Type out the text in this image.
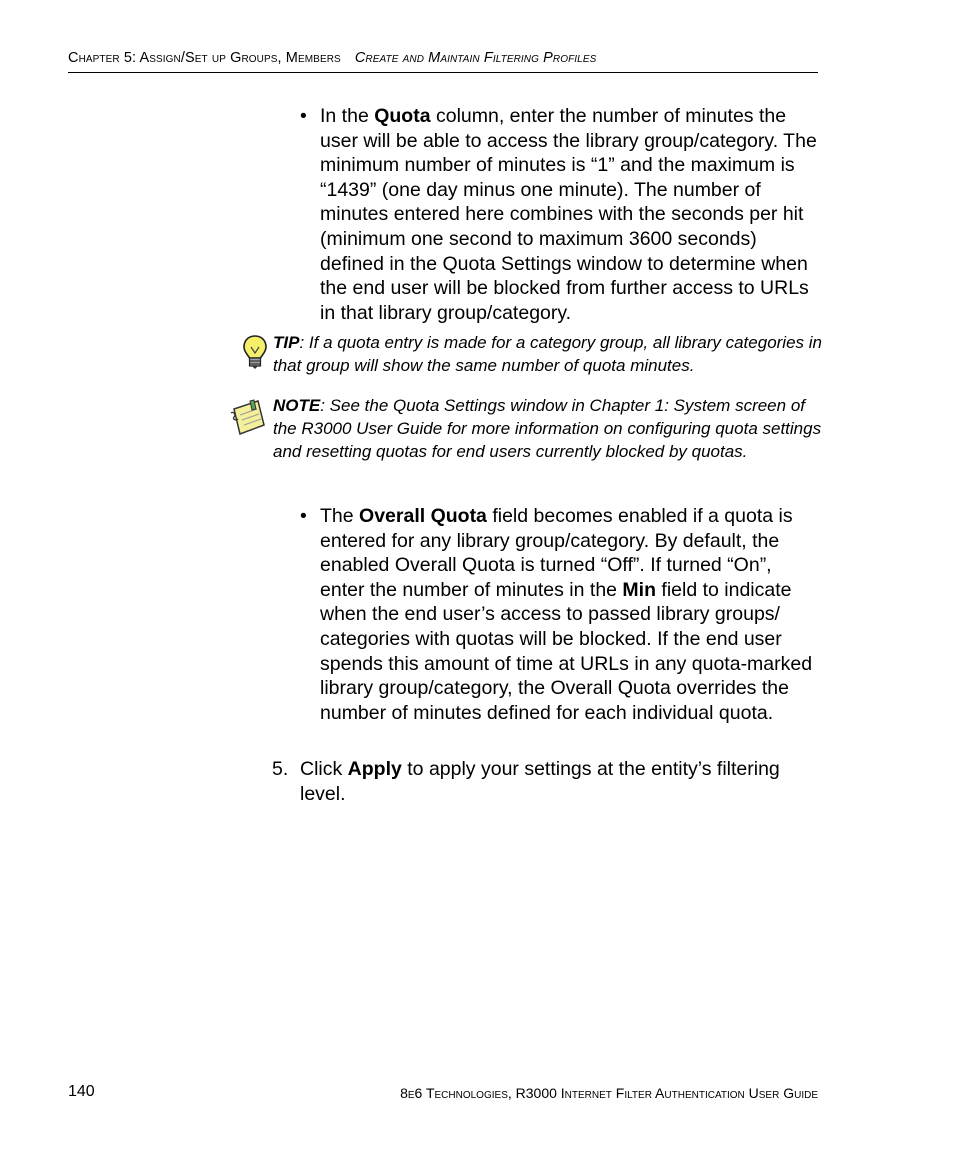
Chapter 5: Assign/Set up Groups, Members Create and Maintain Filtering Profiles
• In the Quota column, enter the number of minutes the user will be able to access the library group/category. The minimum number of minutes is “1” and the maximum is “1439” (one day minus one minute). The number of minutes entered here combines with the seconds per hit (minimum one second to maximum 3600 seconds) defined in the Quota Settings window to determine when the end user will be blocked from further access to URLs in that library group/category.
TIP: If a quota entry is made for a category group, all library categories in that group will show the same number of quota minutes.
NOTE: See the Quota Settings window in Chapter 1: System screen of the R3000 User Guide for more information on configuring quota settings and resetting quotas for end users currently blocked by quotas.
• The Overall Quota field becomes enabled if a quota is entered for any library group/category. By default, the enabled Overall Quota is turned “Off”. If turned “On”, enter the number of minutes in the Min field to indicate when the end user’s access to passed library groups/ categories with quotas will be blocked. If the end user spends this amount of time at URLs in any quota-marked library group/category, the Overall Quota overrides the number of minutes defined for each individual quota.
5. Click Apply to apply your settings at the entity’s filtering level.
140	8e6 Technologies, R3000 Internet Filter Authentication User Guide
